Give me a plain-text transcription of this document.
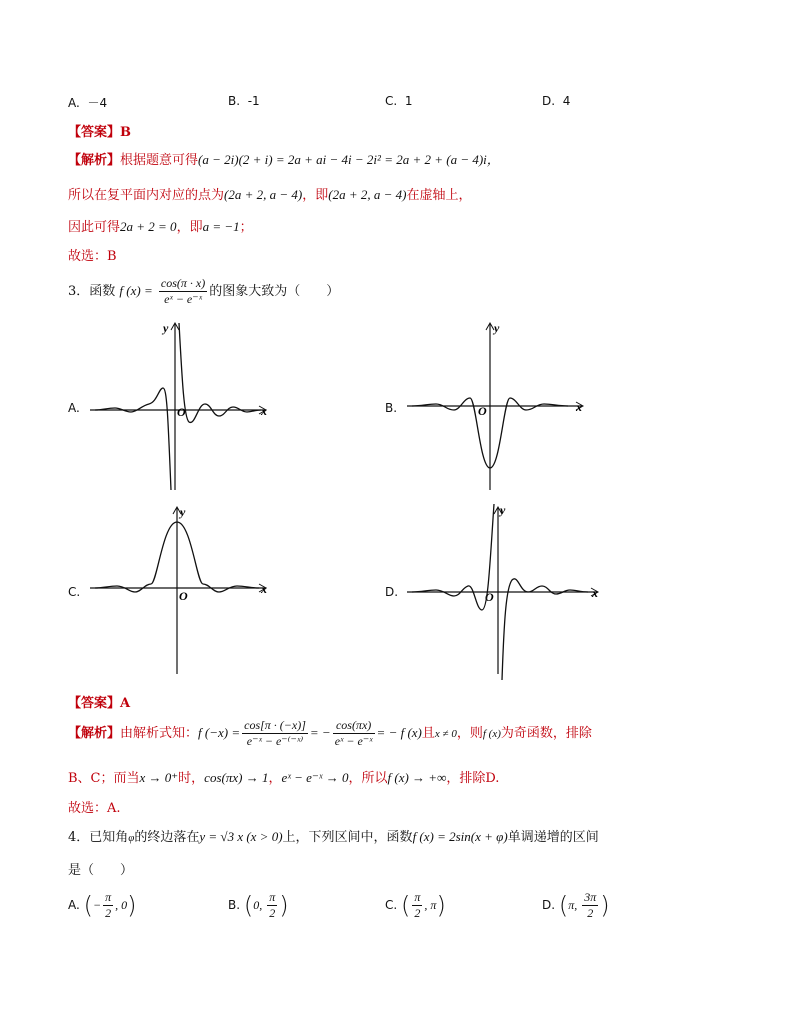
A. －4	B. -1	C. 1	D. 4
【答案】B
【解析】根据题意可得(a − 2i)(2 + i) = 2a + ai − 4i − 2i² = 2a + 2 + (a − 4)i，
所以在复平面内对应的点为(2a + 2, a − 4)，即(2a + 2, a − 4)在虚轴上，
因此可得2a + 2 = 0，即a = −1；
故选：B
3．函数 f $(x) = \frac{\cos(\pi \cdot x)}{\text{eˣ − e⁻ˣ}}$ 的图象大致为（　　）
A.	B.
C.	D.
x
y
O	x
y
O
x
y
O	x
y
O
【答案】A
【解析】由解析式知：f $(-x) = \frac{\cos[\pi \cdot (-x)]}{\text{e⁻ˣ − e⁻⁽⁻ˣ⁾}}$ = − $\frac{\cos(\pi x)}{\text{eˣ − e⁻ˣ}}$ = − f (x)且x ≠ 0，则f (x)为奇函数，排除
B、C；而当x → 0⁺时，cos(πx) → 1，eˣ − e⁻ˣ → 0，所以f (x) → +∞，排除D.
故选：A.
4．已知角φ的终边落在y = √3 x (x > 0)上，下列区间中，函数f (x) = 2sin(x + φ)单调递增的区间
是（　　）
A. (− $\frac{\pi}{2}$ , 0)	B. (0, $\frac{\pi}{2}$ )	C. ( $\frac{\pi}{2}$ , π)	D. (π, $\frac{3\pi}{2}$ )
